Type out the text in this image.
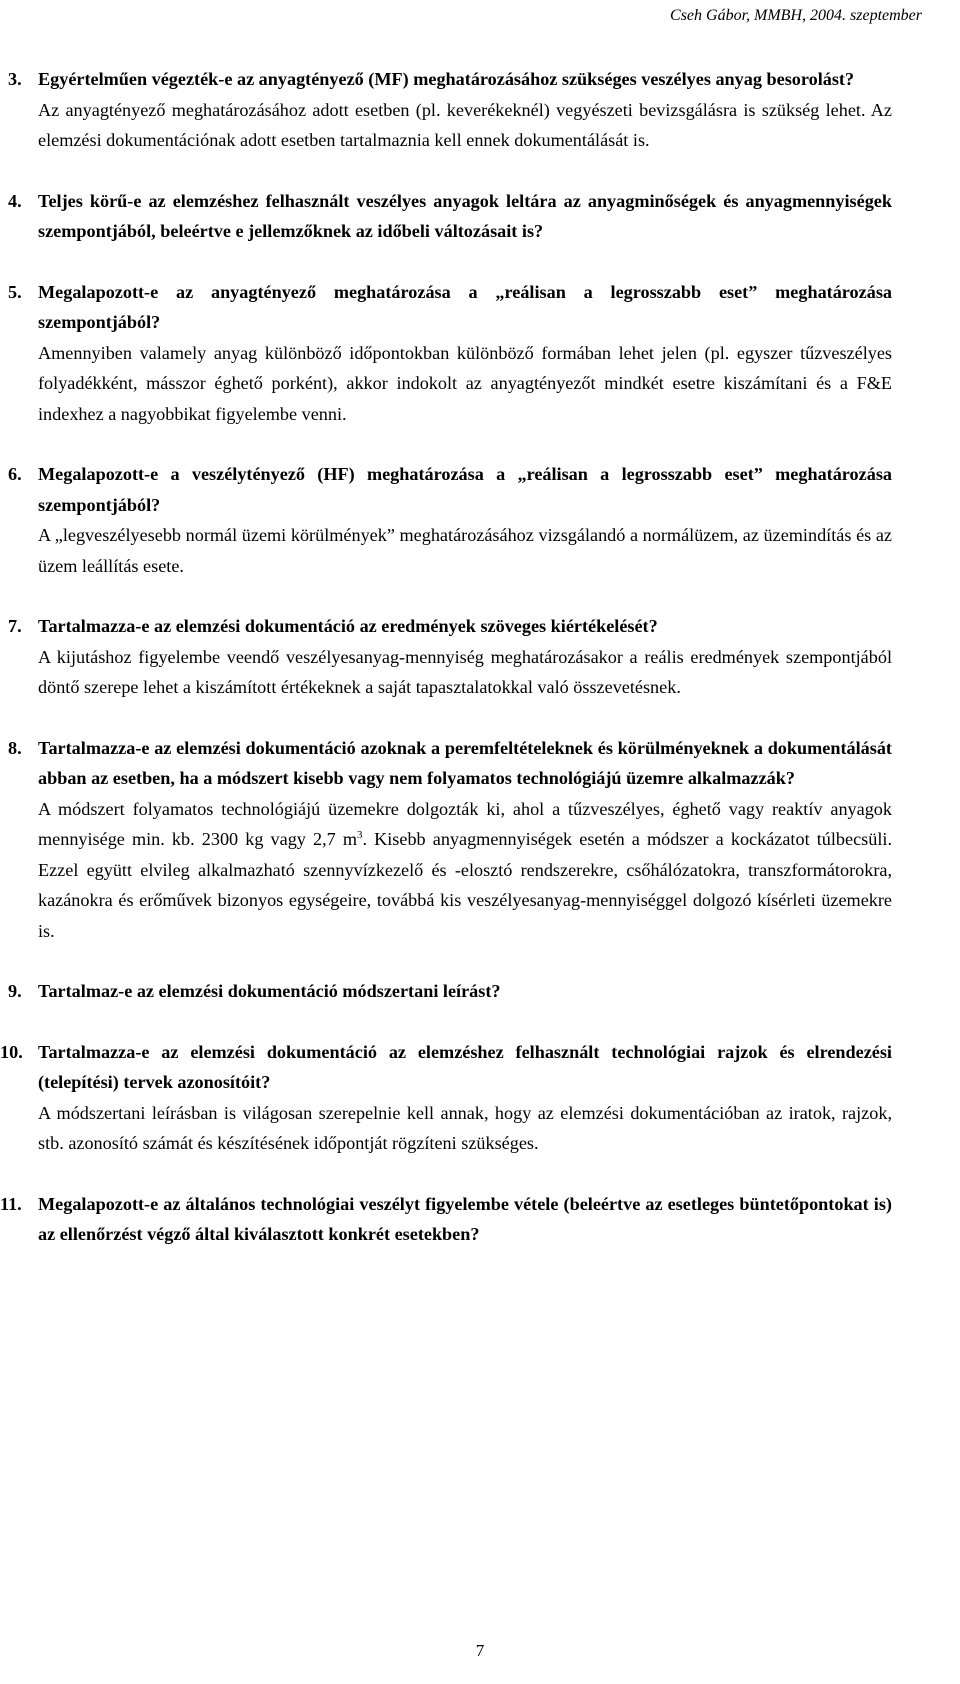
Cseh Gábor, MMBH, 2004. szeptember
3. Egyértelműen végezték-e az anyagtényező (MF) meghatározásához szükséges veszélyes anyag besorolást?
Az anyagtényező meghatározásához adott esetben (pl. keverékeknél) vegyészeti bevizsgálásra is szükség lehet. Az elemzési dokumentációnak adott esetben tartalmaznia kell ennek dokumentálását is.
4. Teljes körű-e az elemzéshez felhasznált veszélyes anyagok leltára az anyagminőségek és anyagmennyiségek szempontjából, beleértve e jellemzőknek az időbeli változásait is?
5. Megalapozott-e az anyagtényező meghatározása a „reálisan a legrosszabb eset” meghatározása szempontjából?
Amennyiben valamely anyag különböző időpontokban különböző formában lehet jelen (pl. egyszer tűzveszélyes folyadékként, másszor éghető porként), akkor indokolt az anyagtényezőt mindkét esetre kiszámítani és a F&E indexhez a nagyobbikat figyelembe venni.
6. Megalapozott-e a veszélytényező (HF) meghatározása a „reálisan a legrosszabb eset” meghatározása szempontjából?
A „legveszélyesebb normál üzemi körülmények” meghatározásához vizsgálandó a normálüzem, az üzemindítás és az üzem leállítás esete.
7. Tartalmazza-e az elemzési dokumentáció az eredmények szöveges kiértékelését?
A kijutáshoz figyelembe veendő veszélyesanyag-mennyiség meghatározásakor a reális eredmények szempontjából döntő szerepe lehet a kiszámított értékeknek a saját tapasztalatokkal való összevetésnek.
8. Tartalmazza-e az elemzési dokumentáció azoknak a peremfeltételeknek és körülményeknek a dokumentálását abban az esetben, ha a módszert kisebb vagy nem folyamatos technológiájú üzemre alkalmazzák?
A módszert folyamatos technológiájú üzemekre dolgozták ki, ahol a tűzveszélyes, éghető vagy reaktív anyagok mennyisége min. kb. 2300 kg vagy 2,7 $m^3$. Kisebb anyagmennyiségek esetén a módszer a kockázatot túlbecsüli. Ezzel együtt elvileg alkalmazható szennyvízkezelő és -elosztó rendszerekre, csőhálózatokra, transzformátorokra, kazánokra és erőművek bizonyos egységeire, továbbá kis veszélyesanyag-mennyiséggel dolgozó kísérleti üzemekre is.
9. Tartalmaz-e az elemzési dokumentáció módszertani leírást?
10. Tartalmazza-e az elemzési dokumentáció az elemzéshez felhasznált technológiai rajzok és elrendezési (telepítési) tervek azonosítóit?
A módszertani leírásban is világosan szerepelnie kell annak, hogy az elemzési dokumentációban az iratok, rajzok, stb. azonosító számát és készítésének időpontját rögzíteni szükséges.
11. Megalapozott-e az általános technológiai veszélyt figyelembe vétele (beleértve az esetleges büntetőpontokat is) az ellenőrzést végző által kiválasztott konkrét esetekben?
7
